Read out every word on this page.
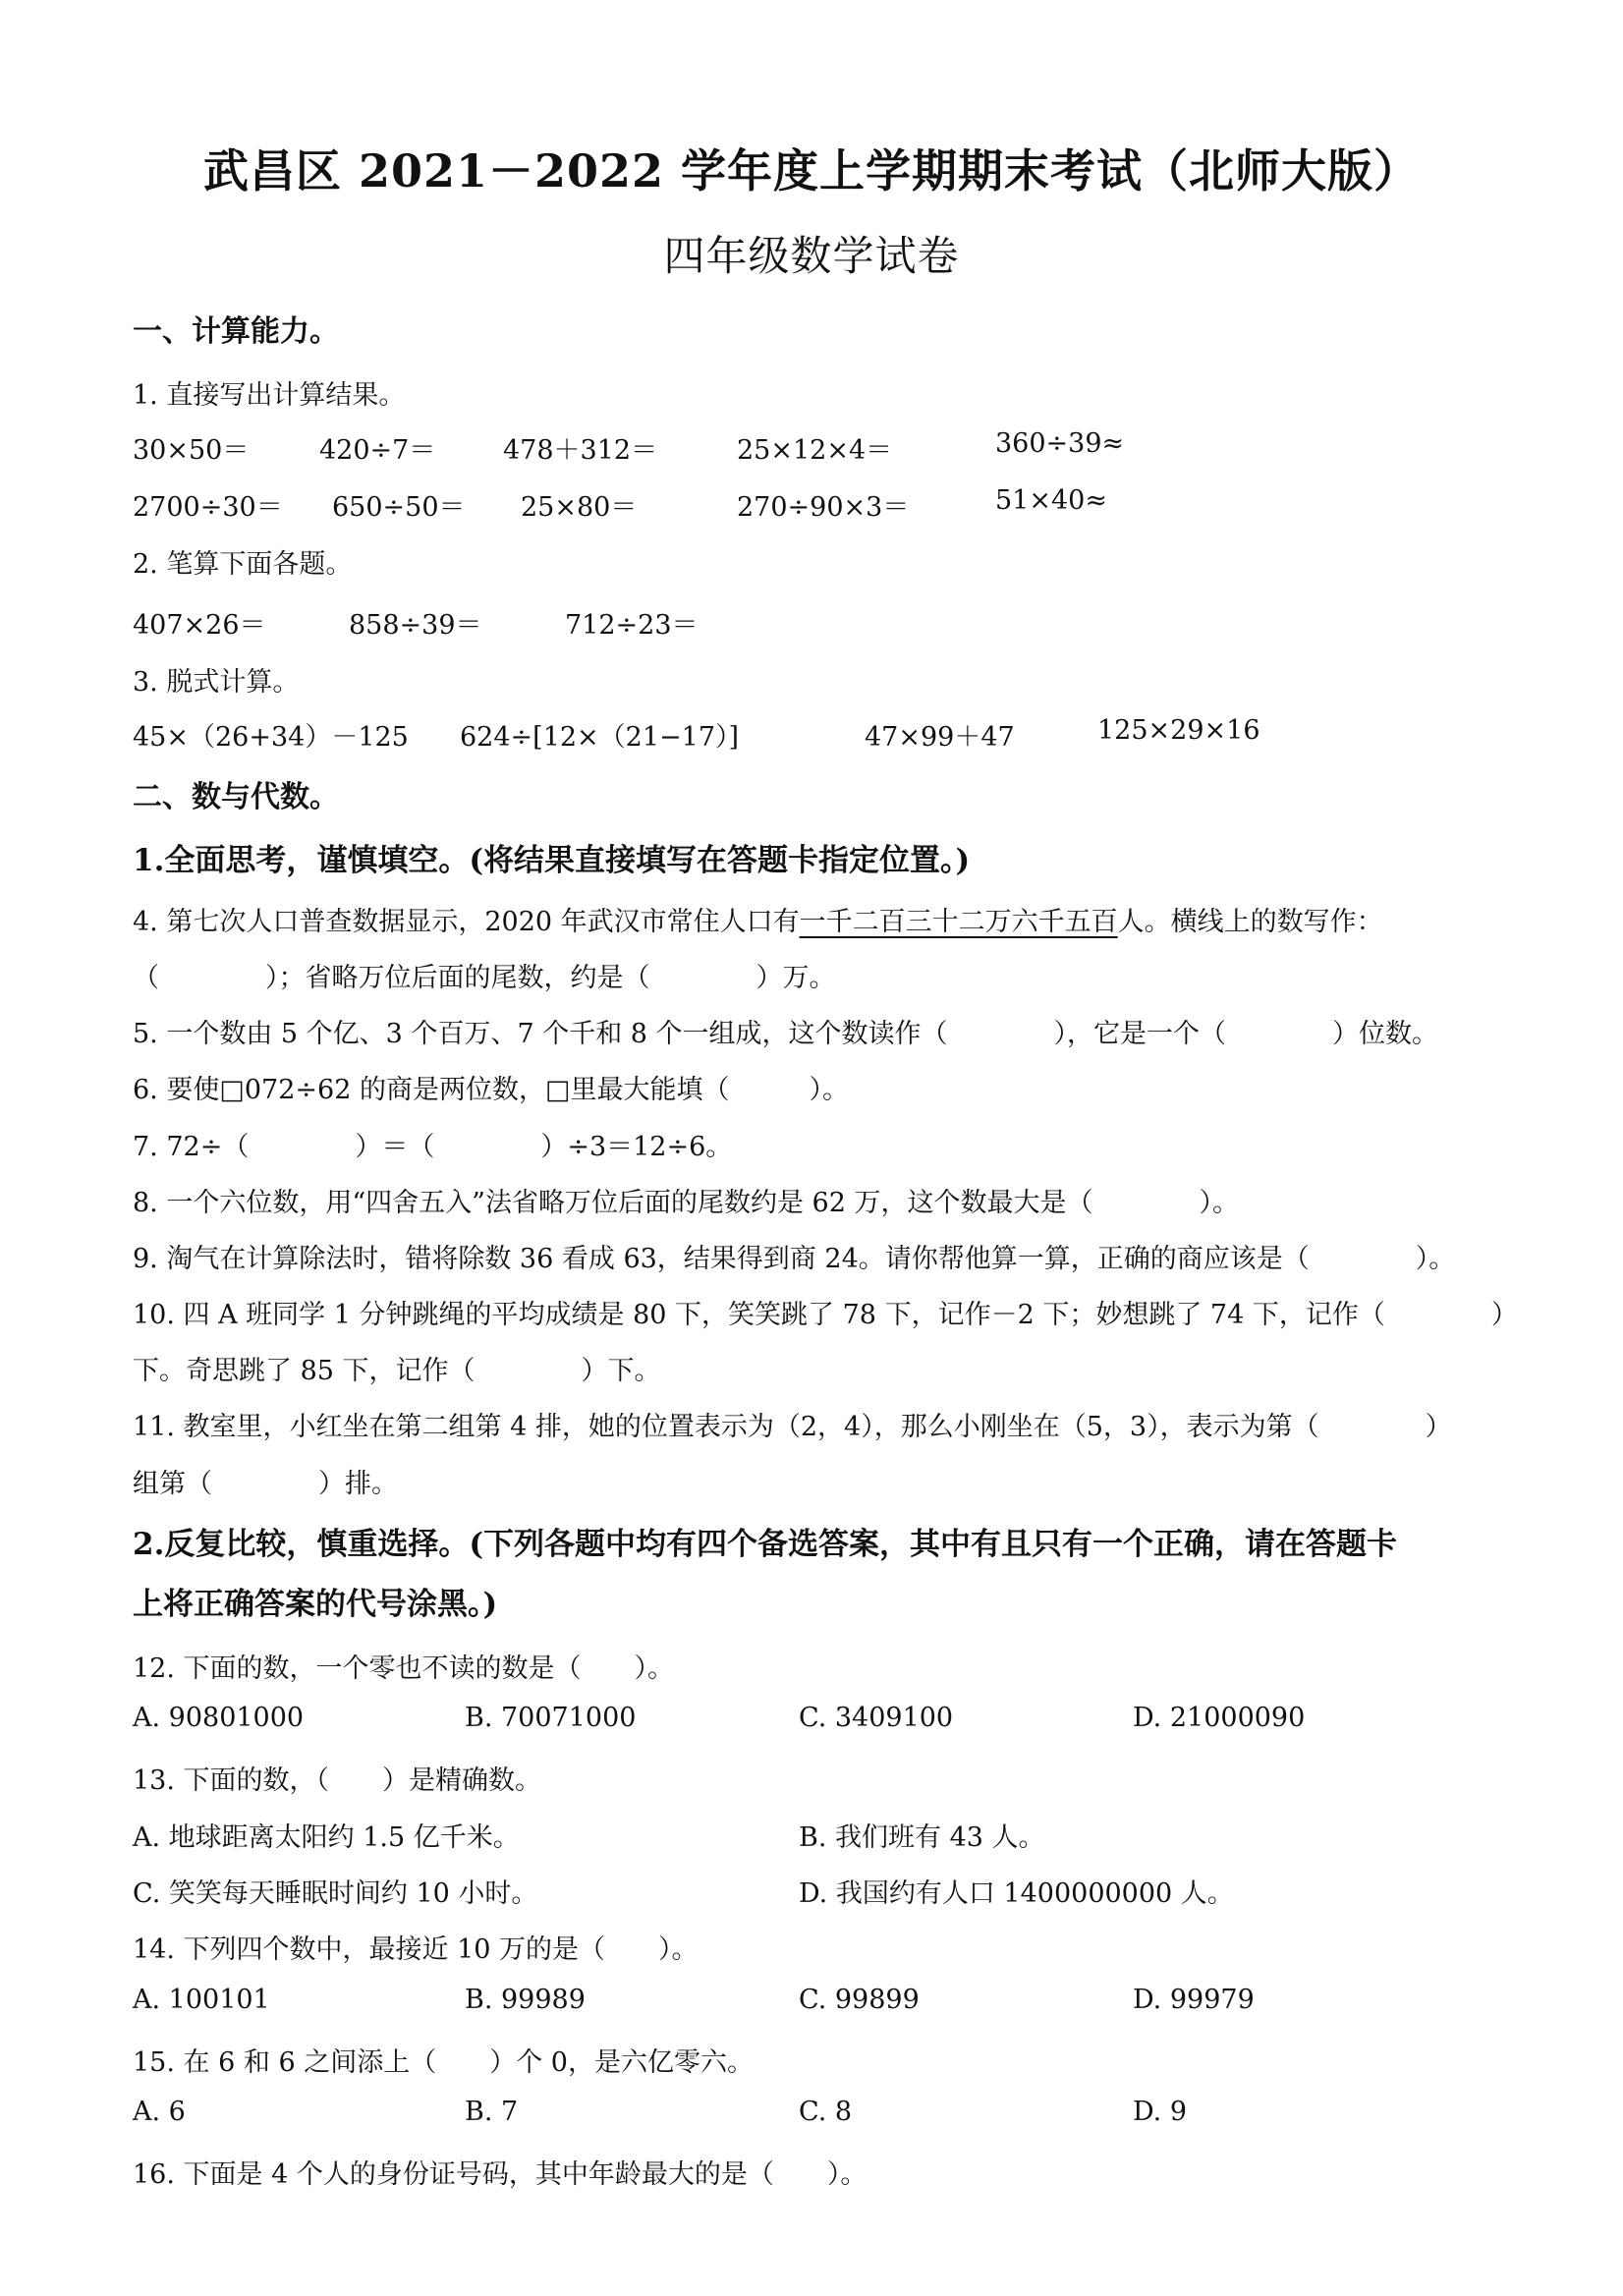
武昌区 2021－2022 学年度上学期期末考试（北师大版）
四年级数学试卷
一、计算能力。
1. 直接写出计算结果。
30×50＝	420÷7＝	478＋312＝	25×12×4＝	360÷39≈
2700÷30＝ 650÷50＝ 25×80＝	270÷90×3＝	51×40≈
2. 笔算下面各题。
407×26＝	858÷39＝	712÷23＝
3. 脱式计算。
45×（26+34）－125 624÷[12×（21−17）]	47×99＋47	125×29×16
二、数与代数。
1.全面思考，谨慎填空。(将结果直接填写在答题卡指定位置。)
4. 第七次人口普查数据显示，2020 年武汉市常住人口有一千二百三十二万六千五百人。横线上的数写作：
（　　　　）；省略万位后面的尾数，约是（　　　　）万。
5. 一个数由 5 个亿、3 个百万、7 个千和 8 个一组成，这个数读作（　　　　），它是一个（　　　　）位数。
6. 要使□072÷62 的商是两位数，□里最大能填（　　　）。
7. 72÷（　　　　）＝（　　　　）÷3＝12÷6。
8. 一个六位数，用“四舍五入”法省略万位后面的尾数约是 62 万，这个数最大是（　　　　）。
9. 淘气在计算除法时，错将除数 36 看成 63，结果得到商 24。请你帮他算一算，正确的商应该是（　　　　）。
10. 四 A 班同学 1 分钟跳绳的平均成绩是 80 下，笑笑跳了 78 下，记作－2 下；妙想跳了 74 下，记作（　　　　）
下。奇思跳了 85 下，记作（　　　　）下。
11. 教室里，小红坐在第二组第 4 排，她的位置表示为（2，4），那么小刚坐在（5，3），表示为第（　　　　）
组第（　　　　）排。
2.反复比较，慎重选择。(下列各题中均有四个备选答案，其中有且只有一个正确，请在答题卡
上将正确答案的代号涂黑。)
12. 下面的数，一个零也不读的数是（　　）。
A. 90801000	B. 70071000	C. 3409100	D. 21000090
13. 下面的数，（　　）是精确数。
A. 地球距离太阳约 1.5 亿千米。	B. 我们班有 43 人。
C. 笑笑每天睡眠时间约 10 小时。	D. 我国约有人口 1400000000 人。
14. 下列四个数中，最接近 10 万的是（　　）。
A. 100101	B. 99989	C. 99899	D. 99979
15. 在 6 和 6 之间添上（　　）个 0，是六亿零六。
A. 6	B. 7	C. 8	D. 9
16. 下面是 4 个人的身份证号码，其中年龄最大的是（　　）。
